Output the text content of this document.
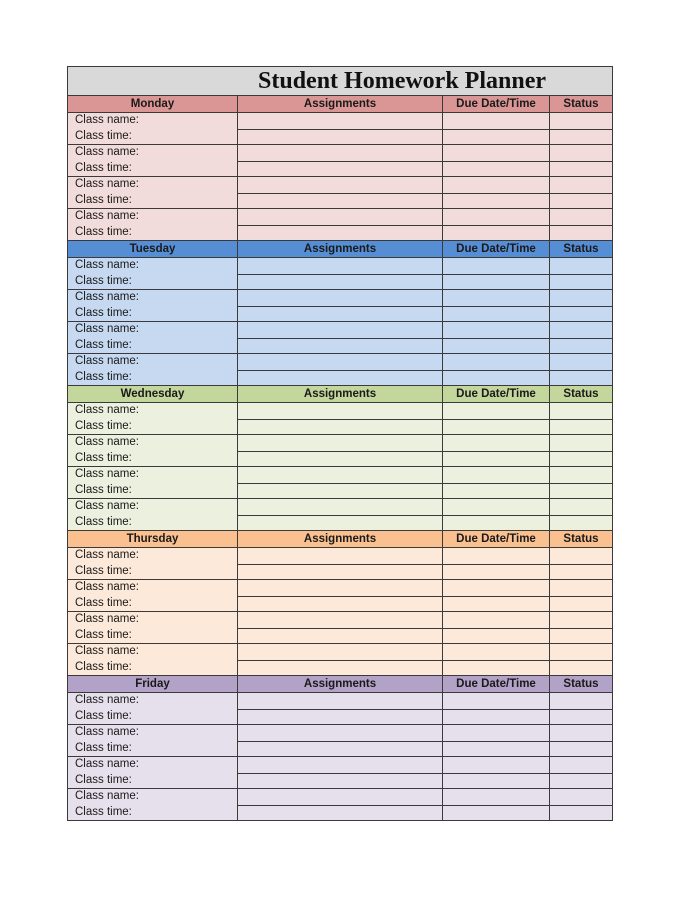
Student Homework Planner
Monday	Assignments	Due Date/Time	Status
Class name:
Class time:
Class name:
Class time:
Class name:
Class time:
Class name:
Class time:
Tuesday	Assignments	Due Date/Time	Status
Class name:
Class time:
Class name:
Class time:
Class name:
Class time:
Class name:
Class time:
Wednesday	Assignments	Due Date/Time	Status
Class name:
Class time:
Class name:
Class time:
Class name:
Class time:
Class name:
Class time:
Thursday	Assignments	Due Date/Time	Status
Class name:
Class time:
Class name:
Class time:
Class name:
Class time:
Class name:
Class time:
Friday	Assignments	Due Date/Time	Status
Class name:
Class time:
Class name:
Class time:
Class name:
Class time:
Class name:
Class time:
